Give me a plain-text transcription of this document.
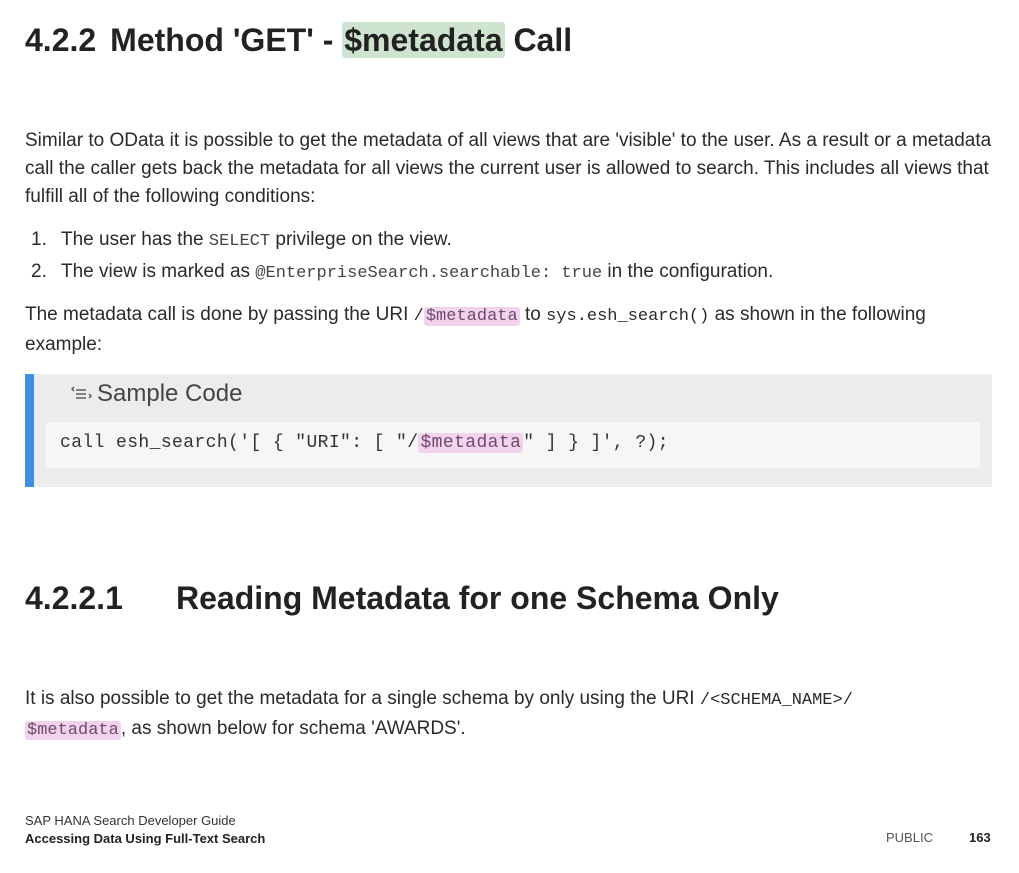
4.2.2 Method 'GET' - $metadata Call

Similar to OData it is possible to get the metadata of all views that are 'visible' to the user. As a result or a metadata call the caller gets back the metadata for all views the current user is allowed to search. This includes all views that fulfill all of the following conditions:

1. The user has the SELECT privilege on the view.
2. The view is marked as @EnterpriseSearch.searchable: true in the configuration.

The metadata call is done by passing the URI / $metadata to sys.esh_search() as shown in the following example:

Sample Code
call esh_search('[ { "URI": [ "/ $metadata " ] } ]', ?);
4.2.2.1 Reading Metadata for one Schema Only

It is also possible to get the metadata for a single schema by only using the URI /<SCHEMA_NAME>/
$metadata , as shown below for schema 'AWARDS'.

SAP HANA Search Developer Guide
Accessing Data Using Full-Text Search	PUBLIC	163
